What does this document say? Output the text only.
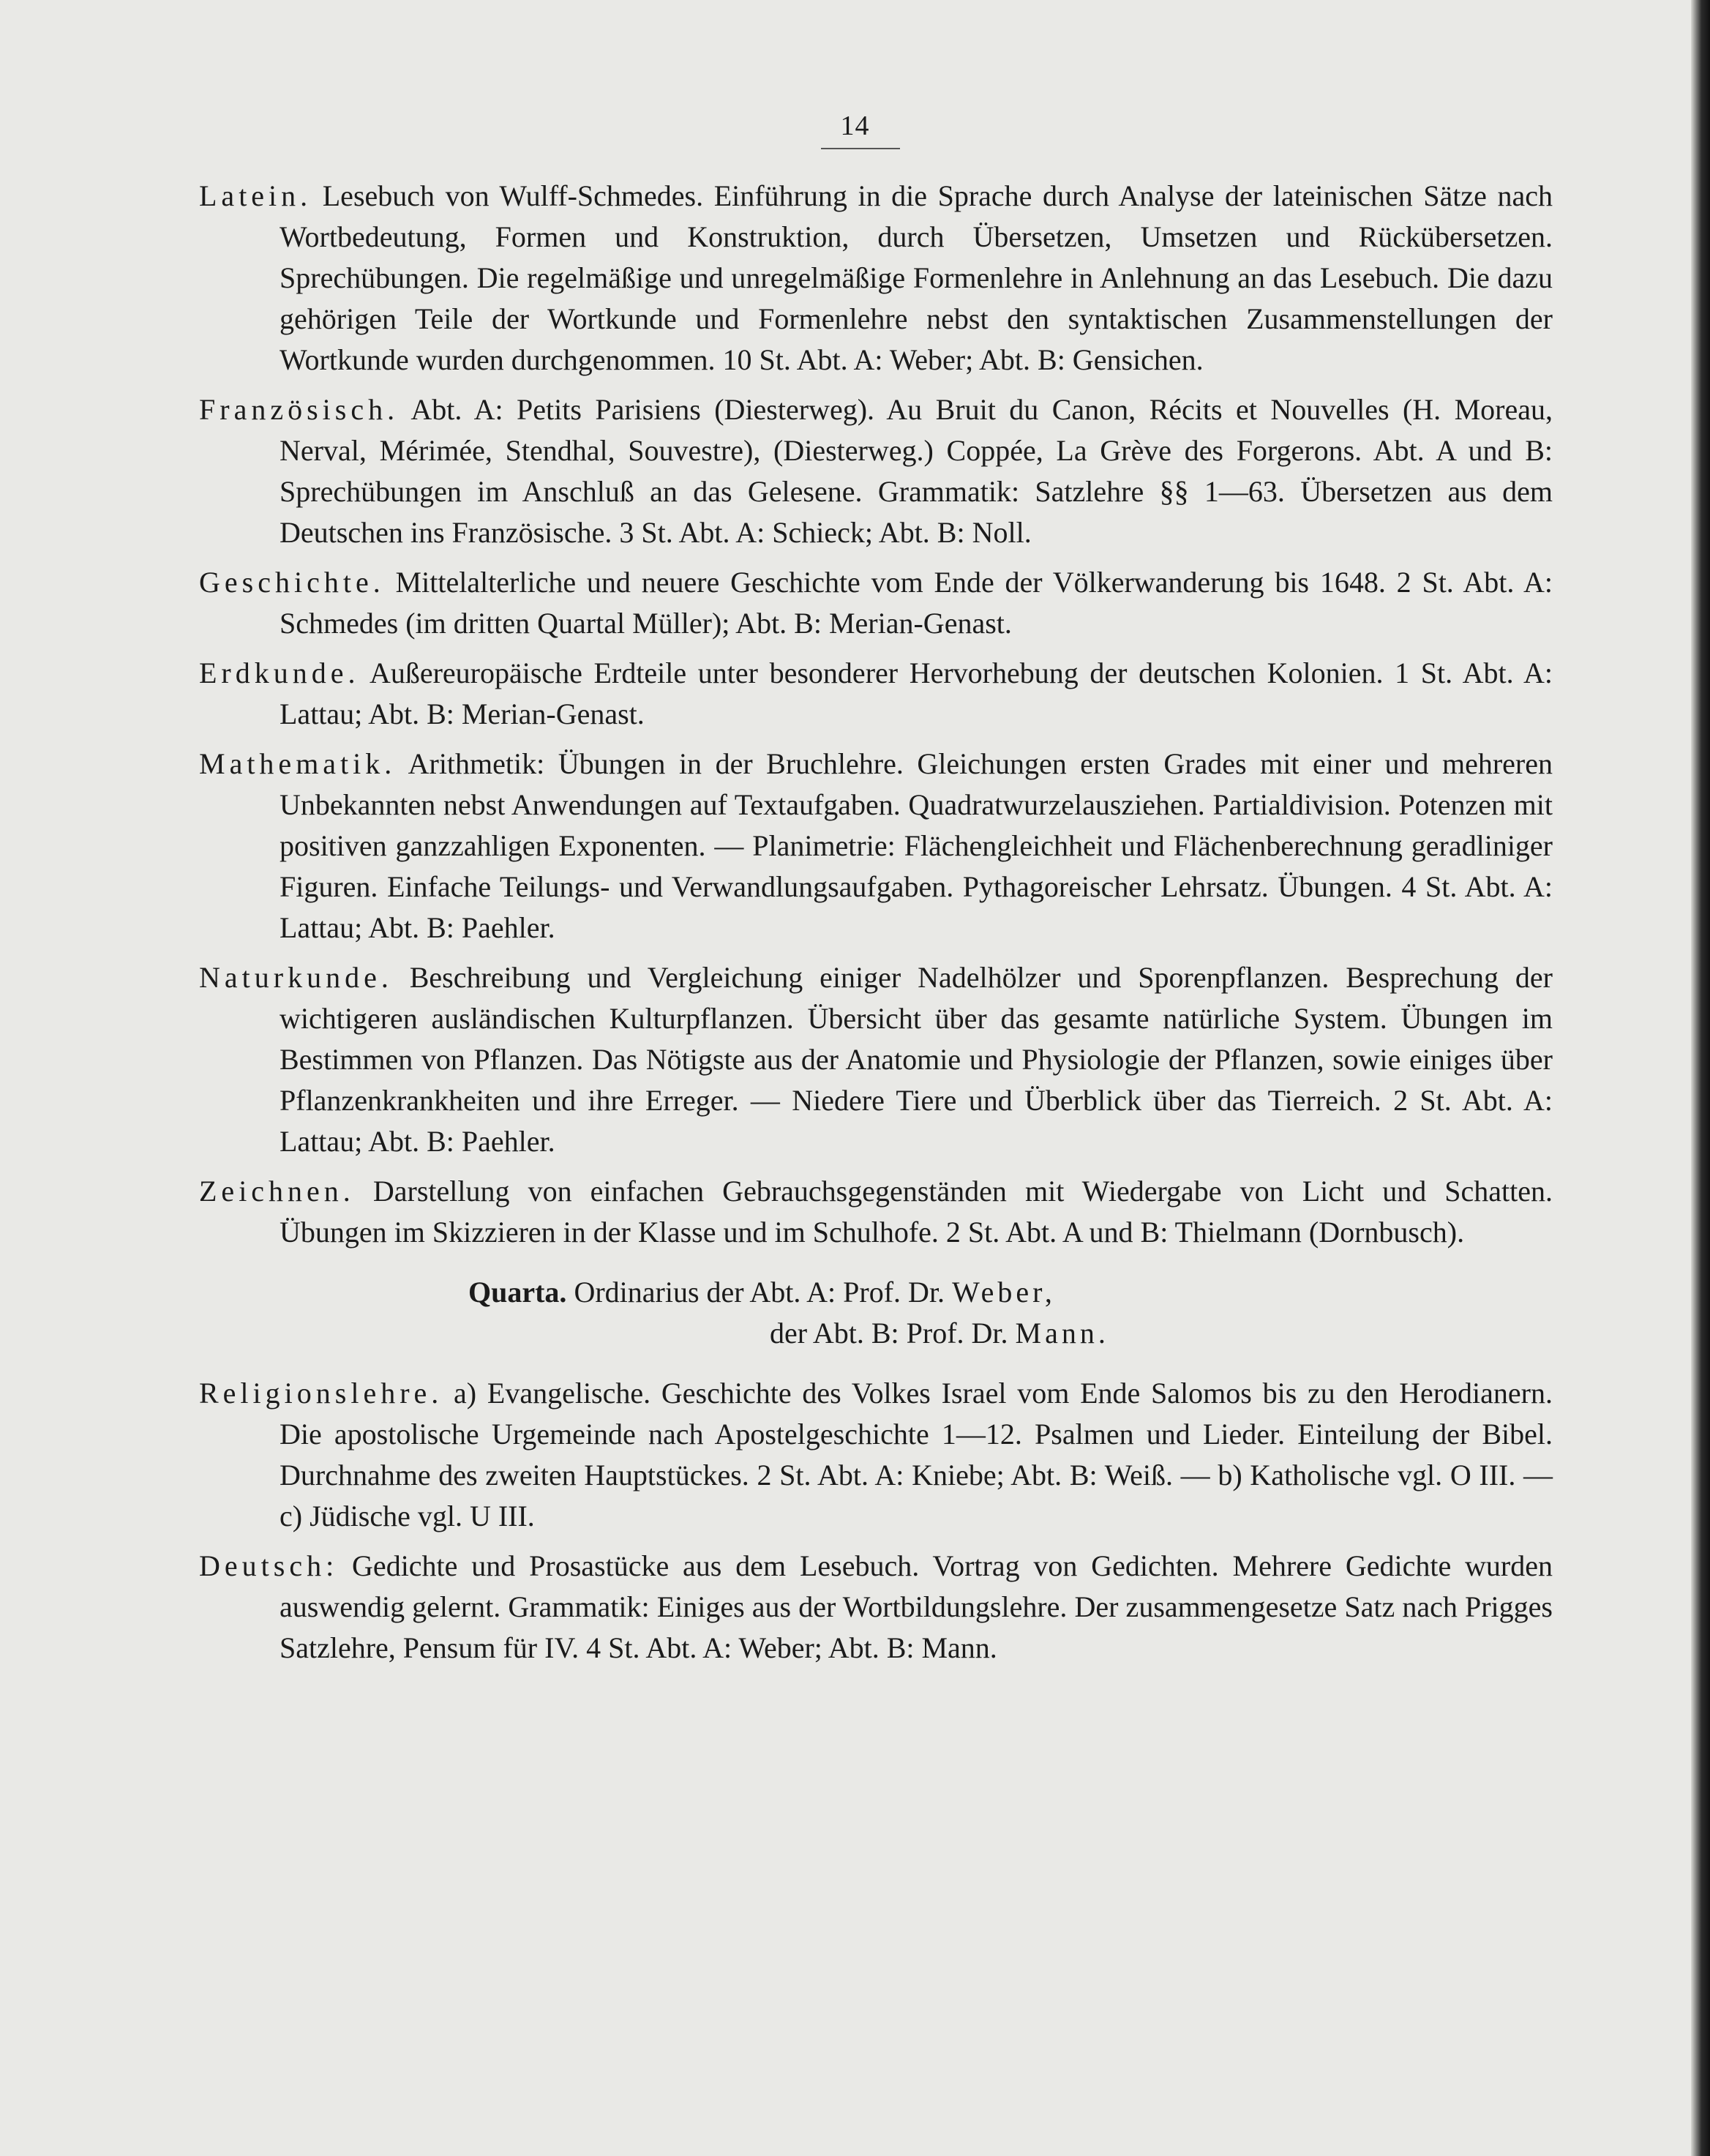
14

Latein. Lesebuch von Wulff-Schmedes. Einführung in die Sprache durch Analyse der lateinischen Sätze nach Wortbedeutung, Formen und Konstruktion, durch Übersetzen, Umsetzen und Rückübersetzen. Sprechübungen. Die regelmäßige und unregelmäßige Formenlehre in Anlehnung an das Lesebuch. Die dazu gehörigen Teile der Wortkunde und Formenlehre nebst den syntaktischen Zusammenstellungen der Wortkunde wurden durchgenommen. 10 St. Abt. A: Weber; Abt. B: Gensichen.

Französisch. Abt. A: Petits Parisiens (Diesterweg). Au Bruit du Canon, Récits et Nouvelles (H. Moreau, Nerval, Mérimée, Stendhal, Souvestre), (Diesterweg.) Coppée, La Grève des Forgerons. Abt. A und B: Sprechübungen im Anschluß an das Gelesene. Grammatik: Satzlehre §§ 1—63. Übersetzen aus dem Deutschen ins Französische. 3 St. Abt. A: Schieck; Abt. B: Noll.

Geschichte. Mittelalterliche und neuere Geschichte vom Ende der Völkerwanderung bis 1648. 2 St. Abt. A: Schmedes (im dritten Quartal Müller); Abt. B: Merian-Genast.

Erdkunde. Außereuropäische Erdteile unter besonderer Hervorhebung der deutschen Kolonien. 1 St. Abt. A: Lattau; Abt. B: Merian-Genast.

Mathematik. Arithmetik: Übungen in der Bruchlehre. Gleichungen ersten Grades mit einer und mehreren Unbekannten nebst Anwendungen auf Textaufgaben. Quadratwurzelausziehen. Partialdivision. Potenzen mit positiven ganzzahligen Exponenten. — Planimetrie: Flächengleichheit und Flächenberechnung geradliniger Figuren. Einfache Teilungs- und Verwandlungsaufgaben. Pythagoreischer Lehrsatz. Übungen. 4 St. Abt. A: Lattau; Abt. B: Paehler.

Naturkunde. Beschreibung und Vergleichung einiger Nadelhölzer und Sporenpflanzen. Besprechung der wichtigeren ausländischen Kulturpflanzen. Übersicht über das gesamte natürliche System. Übungen im Bestimmen von Pflanzen. Das Nötigste aus der Anatomie und Physiologie der Pflanzen, sowie einiges über Pflanzenkrankheiten und ihre Erreger. — Niedere Tiere und Überblick über das Tierreich. 2 St. Abt. A: Lattau; Abt. B: Paehler.

Zeichnen. Darstellung von einfachen Gebrauchsgegenständen mit Wiedergabe von Licht und Schatten. Übungen im Skizzieren in der Klasse und im Schulhofe. 2 St. Abt. A und B: Thielmann (Dornbusch).

Quarta. Ordinarius der Abt. A: Prof. Dr. Weber,
der Abt. B: Prof. Dr. Mann.

Religionslehre. a) Evangelische. Geschichte des Volkes Israel vom Ende Salomos bis zu den Herodianern. Die apostolische Urgemeinde nach Apostelgeschichte 1—12. Psalmen und Lieder. Einteilung der Bibel. Durchnahme des zweiten Hauptstückes. 2 St. Abt. A: Kniebe; Abt. B: Weiß. — b) Katholische vgl. O III. — c) Jüdische vgl. U III.

Deutsch: Gedichte und Prosastücke aus dem Lesebuch. Vortrag von Gedichten. Mehrere Gedichte wurden auswendig gelernt. Grammatik: Einiges aus der Wortbildungslehre. Der zusammengesetze Satz nach Prigges Satzlehre, Pensum für IV. 4 St. Abt. A: Weber; Abt. B: Mann.
